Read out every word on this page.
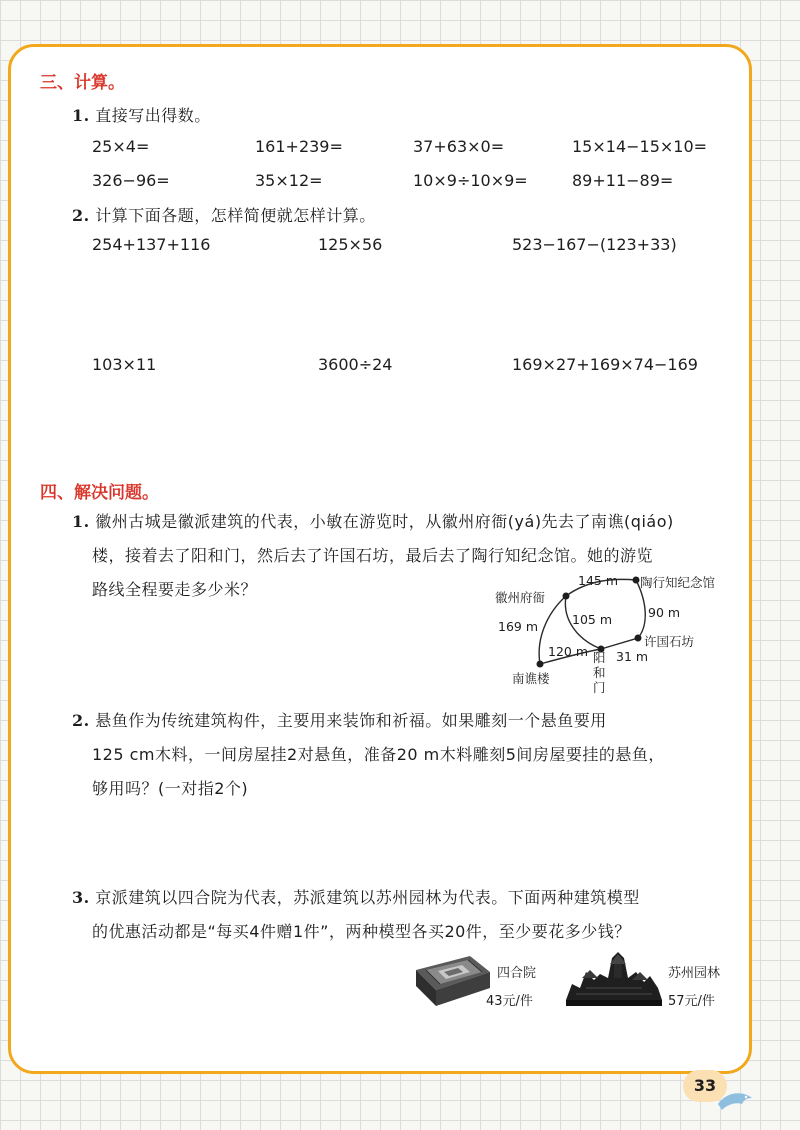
三、计算。
1. 直接写出得数。
25×4=	161+239=	37+63×0=	15×14−15×10=
326−96=	35×12=	10×9÷10×9=	89+11−89=
2. 计算下面各题，怎样简便就怎样计算。
254+137+116	125×56	523−167−(123+33)
103×11	3600÷24	169×27+169×74−169
四、解决问题。
1. 徽州古城是徽派建筑的代表，小敏在游览时，从徽州府衙(yá)先去了南谯(qiáo)
楼，接着去了阳和门，然后去了许国石坊，最后去了陶行知纪念馆。她的游览
路线全程要走多少米？	徽州府衙
陶行知纪念馆
许国石坊
南谯楼
阳
和
门
145 m
90 m
105 m
169 m
120 m 31 m
2. 悬鱼作为传统建筑构件，主要用来装饰和祈福。如果雕刻一个悬鱼要用
125 cm木料，一间房屋挂2对悬鱼，准备20 m木料雕刻5间房屋要挂的悬鱼，
够用吗？(一对指2个)
3. 京派建筑以四合院为代表，苏派建筑以苏州园林为代表。下面两种建筑模型
的优惠活动都是“每买4件赠1件”，两种模型各买20件，至少要花多少钱？
四合院
43元/件
苏州园林
57元/件
33
